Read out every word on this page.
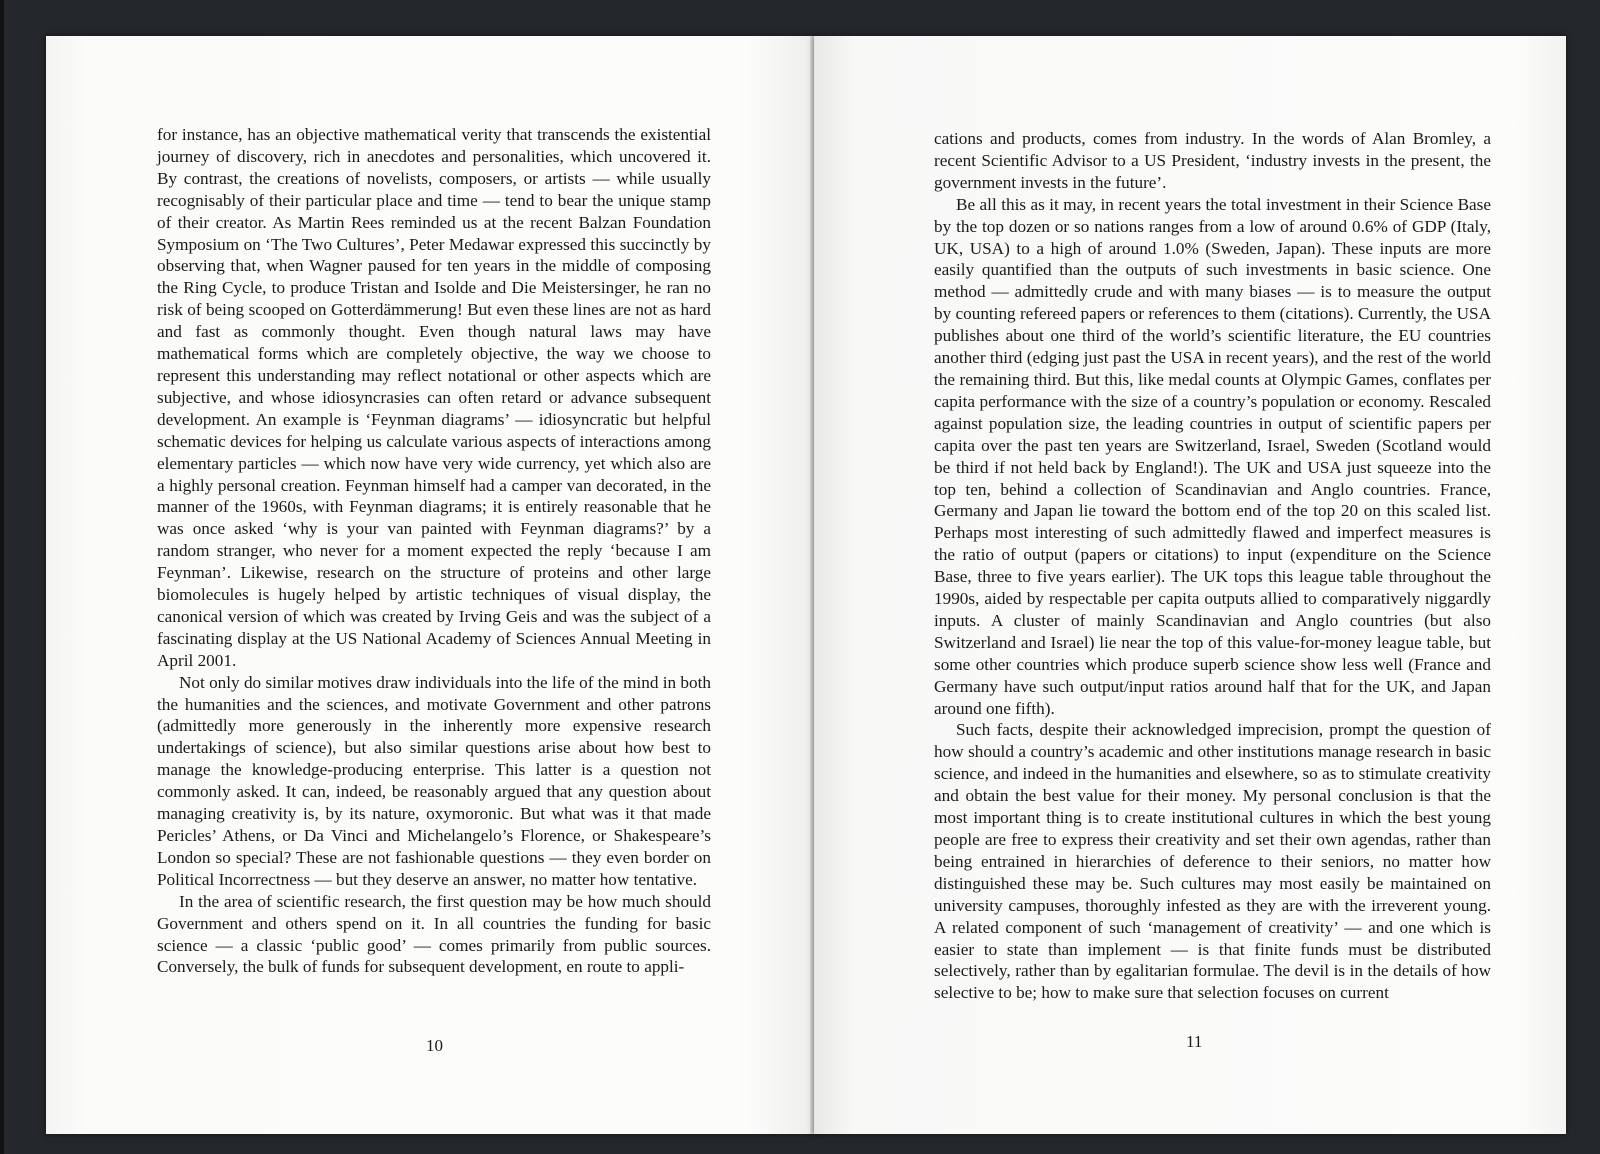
for instance, has an objective mathematical verity that transcends the existential journey of discovery, rich in anecdotes and personalities, which uncovered it. By contrast, the creations of novelists, composers, or artists — while usually recognisably of their particular place and time — tend to bear the unique stamp of their creator. As Martin Rees reminded us at the recent Balzan Foundation Symposium on ‘The Two Cultures’, Peter Medawar expressed this succinctly by observing that, when Wagner paused for ten years in the middle of composing the Ring Cycle, to produce Tristan and Isolde and Die Meistersinger, he ran no risk of being scooped on Gotterdämmerung! But even these lines are not as hard and fast as commonly thought. Even though natural laws may have mathematical forms which are completely objective, the way we choose to represent this understanding may reflect notational or other aspects which are subjective, and whose idiosyncrasies can often retard or advance subsequent development. An example is ‘Feynman diagrams’ — idiosyncratic but helpful schematic devices for helping us calculate various aspects of interactions among elementary particles — which now have very wide currency, yet which also are a highly personal creation. Feynman himself had a camper van decorated, in the manner of the 1960s, with Feynman diagrams; it is entirely reasonable that he was once asked ‘why is your van painted with Feynman diagrams?’ by a random stranger, who never for a moment expected the reply ‘because I am Feynman’. Likewise, research on the structure of proteins and other large biomolecules is hugely helped by artistic techniques of visual display, the canonical version of which was created by Irving Geis and was the subject of a fascinating display at the US National Academy of Sciences Annual Meeting in April 2001.

Not only do similar motives draw individuals into the life of the mind in both the humanities and the sciences, and motivate Government and other patrons (admittedly more generously in the inherently more expensive research undertakings of science), but also similar questions arise about how best to manage the knowledge-producing enterprise. This latter is a question not commonly asked. It can, indeed, be reasonably argued that any question about managing creativity is, by its nature, oxymoronic. But what was it that made Pericles’ Athens, or Da Vinci and Michelangelo’s Florence, or Shakespeare’s London so special? These are not fashionable questions — they even border on Political Incorrectness — but they deserve an answer, no matter how tentative.

In the area of scientific research, the first question may be how much should Government and others spend on it. In all countries the funding for basic science — a classic ‘public good’ — comes primarily from public sources. Conversely, the bulk of funds for subsequent development, en route to appli-

10

cations and products, comes from industry. In the words of Alan Bromley, a recent Scientific Advisor to a US President, ‘industry invests in the present, the government invests in the future’.

Be all this as it may, in recent years the total investment in their Science Base by the top dozen or so nations ranges from a low of around 0.6% of GDP (Italy, UK, USA) to a high of around 1.0% (Sweden, Japan). These inputs are more easily quantified than the outputs of such investments in basic science. One method — admittedly crude and with many biases — is to measure the output by counting refereed papers or references to them (citations). Currently, the USA publishes about one third of the world’s scientific literature, the EU countries another third (edging just past the USA in recent years), and the rest of the world the remaining third. But this, like medal counts at Olympic Games, conflates per capita performance with the size of a country’s population or economy. Rescaled against population size, the leading countries in output of scientific papers per capita over the past ten years are Switzerland, Israel, Sweden (Scotland would be third if not held back by England!). The UK and USA just squeeze into the top ten, behind a collection of Scandinavian and Anglo countries. France, Germany and Japan lie toward the bottom end of the top 20 on this scaled list. Perhaps most interesting of such admittedly flawed and imperfect measures is the ratio of output (papers or citations) to input (expenditure on the Science Base, three to five years earlier). The UK tops this league table throughout the 1990s, aided by respectable per capita outputs allied to comparatively niggardly inputs. A cluster of mainly Scandinavian and Anglo countries (but also Switzerland and Israel) lie near the top of this value-for-money league table, but some other countries which produce superb science show less well (France and Germany have such output/input ratios around half that for the UK, and Japan around one fifth).

Such facts, despite their acknowledged imprecision, prompt the question of how should a country’s academic and other institutions manage research in basic science, and indeed in the humanities and elsewhere, so as to stimulate creativity and obtain the best value for their money. My personal conclusion is that the most important thing is to create institutional cultures in which the best young people are free to express their creativity and set their own agendas, rather than being entrained in hierarchies of deference to their seniors, no matter how distinguished these may be. Such cultures may most easily be maintained on university campuses, thoroughly infested as they are with the irreverent young. A related component of such ‘management of creativity’ — and one which is easier to state than implement — is that finite funds must be distributed selectively, rather than by egalitarian formulae. The devil is in the details of how selective to be; how to make sure that selection focuses on current

11
